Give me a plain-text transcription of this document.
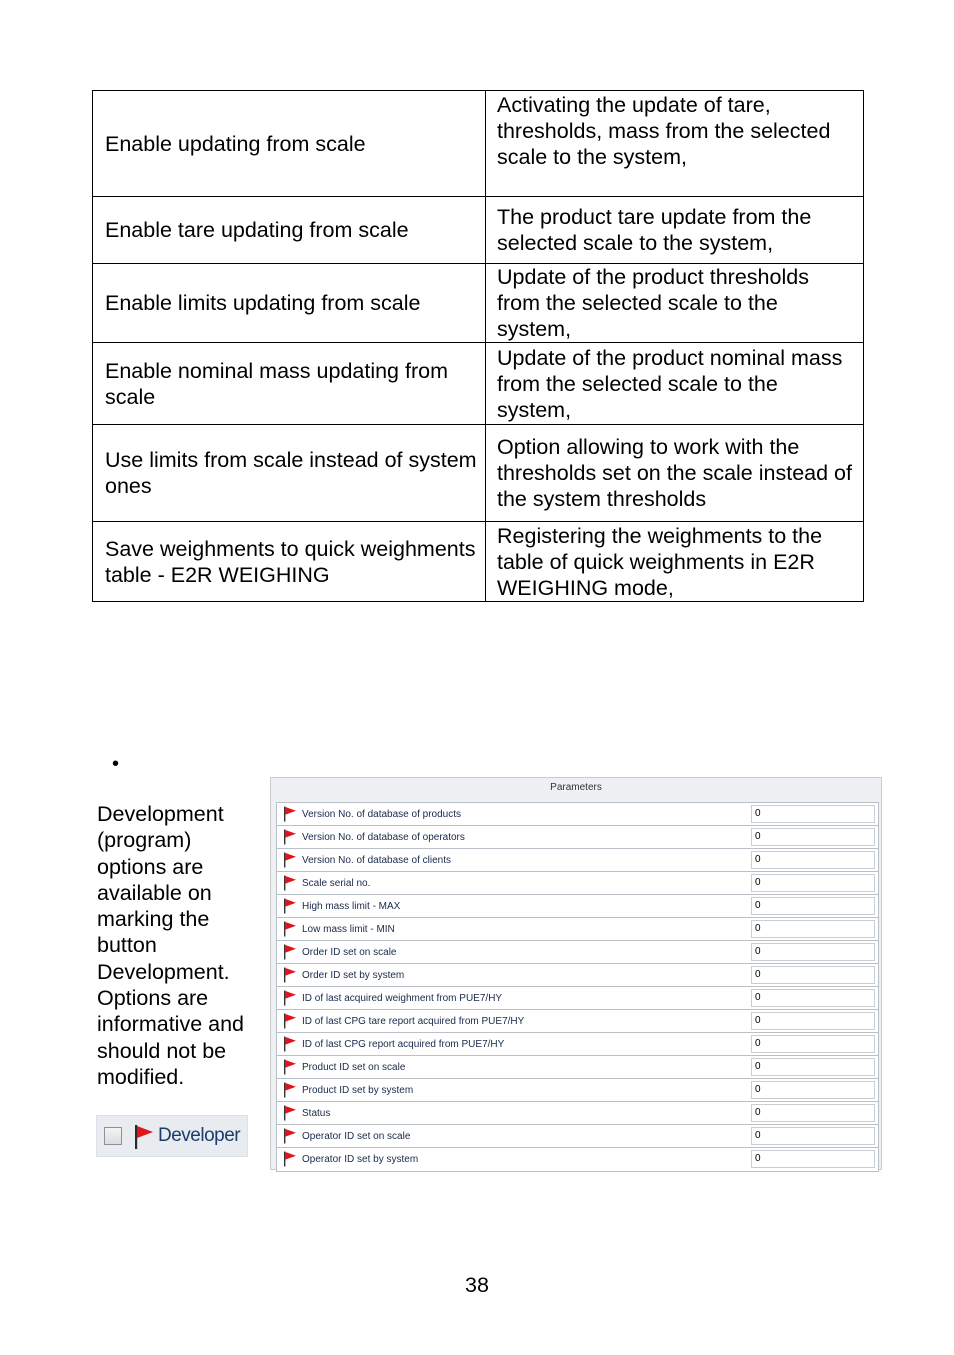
Enable updating from scale	Activating the update of tare, thresholds, mass from the selected scale to the system,
Enable tare updating from scale	The product tare update from the selected scale to the system,
Enable limits updating from scale	Update of the product thresholds from the selected scale to the system,
Enable nominal mass updating from scale	Update of the product nominal mass from the selected scale to the system,
Use limits from scale instead of system ones	Option allowing to work with the thresholds set on the scale instead of the system thresholds
Save weighments to quick weighments table - E2R WEIGHING	Registering the weighments to the table of quick weighments in E2R WEIGHING mode,
•
Development (program) options are available on marking the button Development. Options are informative and should not be modified.
Developer
Parameters
Version No. of database of products	0
Version No. of database of operators	0
Version No. of database of clients	0
Scale serial no.	0
High mass limit - MAX	0
Low mass limit - MIN	0
Order ID set on scale	0
Order ID set by system	0
ID of last acquired weighment from PUE7/HY	0
ID of last CPG tare report acquired from PUE7/HY	0
ID of last CPG report acquired from PUE7/HY	0
Product ID set on scale	0
Product ID set by system	0
Status	0
Operator ID set on scale	0
Operator ID set by system	0
38
